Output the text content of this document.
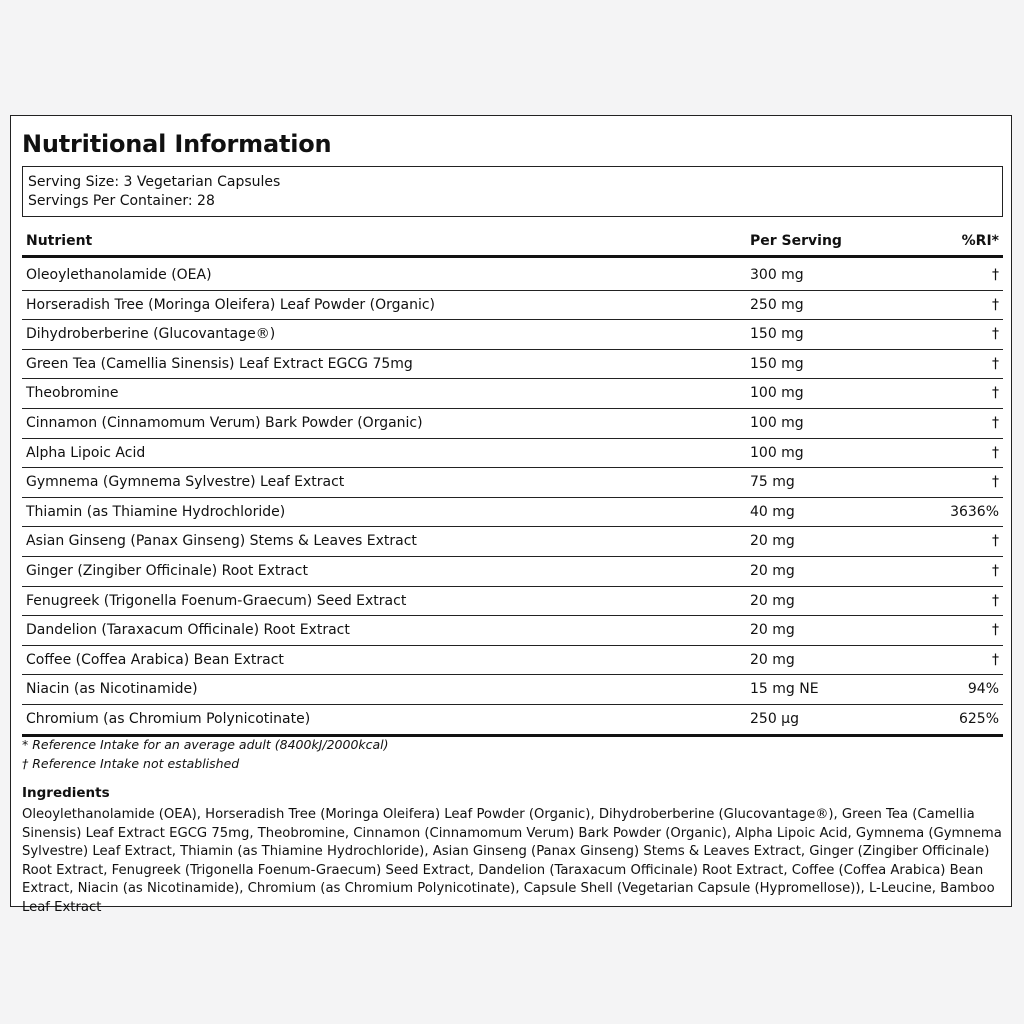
Nutritional Information
Serving Size: 3 Vegetarian Capsules
Servings Per Container: 28
Nutrient	Per Serving	%RI*
Oleoylethanolamide (OEA)	300 mg	†
Horseradish Tree (Moringa Oleifera) Leaf Powder (Organic)	250 mg	†
Dihydroberberine (Glucovantage®)	150 mg	†
Green Tea (Camellia Sinensis) Leaf Extract EGCG 75mg	150 mg	†
Theobromine	100 mg	†
Cinnamon (Cinnamomum Verum) Bark Powder (Organic)	100 mg	†
Alpha Lipoic Acid	100 mg	†
Gymnema (Gymnema Sylvestre) Leaf Extract	75 mg	†
Thiamin (as Thiamine Hydrochloride)	40 mg	3636%
Asian Ginseng (Panax Ginseng) Stems & Leaves Extract	20 mg	†
Ginger (Zingiber Officinale) Root Extract	20 mg	†
Fenugreek (Trigonella Foenum-Graecum) Seed Extract	20 mg	†
Dandelion (Taraxacum Officinale) Root Extract	20 mg	†
Coffee (Coffea Arabica) Bean Extract	20 mg	†
Niacin (as Nicotinamide)	15 mg NE	94%
Chromium (as Chromium Polynicotinate)	250 µg	625%
* Reference Intake for an average adult (8400kJ/2000kcal)
† Reference Intake not established
Ingredients

Oleoylethanolamide (OEA), Horseradish Tree (Moringa Oleifera) Leaf Powder (Organic), Dihydroberberine (Glucovantage®), Green Tea (Camellia Sinensis) Leaf Extract EGCG 75mg, Theobromine, Cinnamon (Cinnamomum Verum) Bark Powder (Organic), Alpha Lipoic Acid, Gymnema (Gymnema Sylvestre) Leaf Extract, Thiamin (as Thiamine Hydrochloride), Asian Ginseng (Panax Ginseng) Stems & Leaves Extract, Ginger (Zingiber Officinale) Root Extract, Fenugreek (Trigonella Foenum-Graecum) Seed Extract, Dandelion (Taraxacum Officinale) Root Extract, Coffee (Coffea Arabica) Bean Extract, Niacin (as Nicotinamide), Chromium (as Chromium Polynicotinate), Capsule Shell (Vegetarian Capsule (Hypromellose)), L-Leucine, Bamboo Leaf Extract
